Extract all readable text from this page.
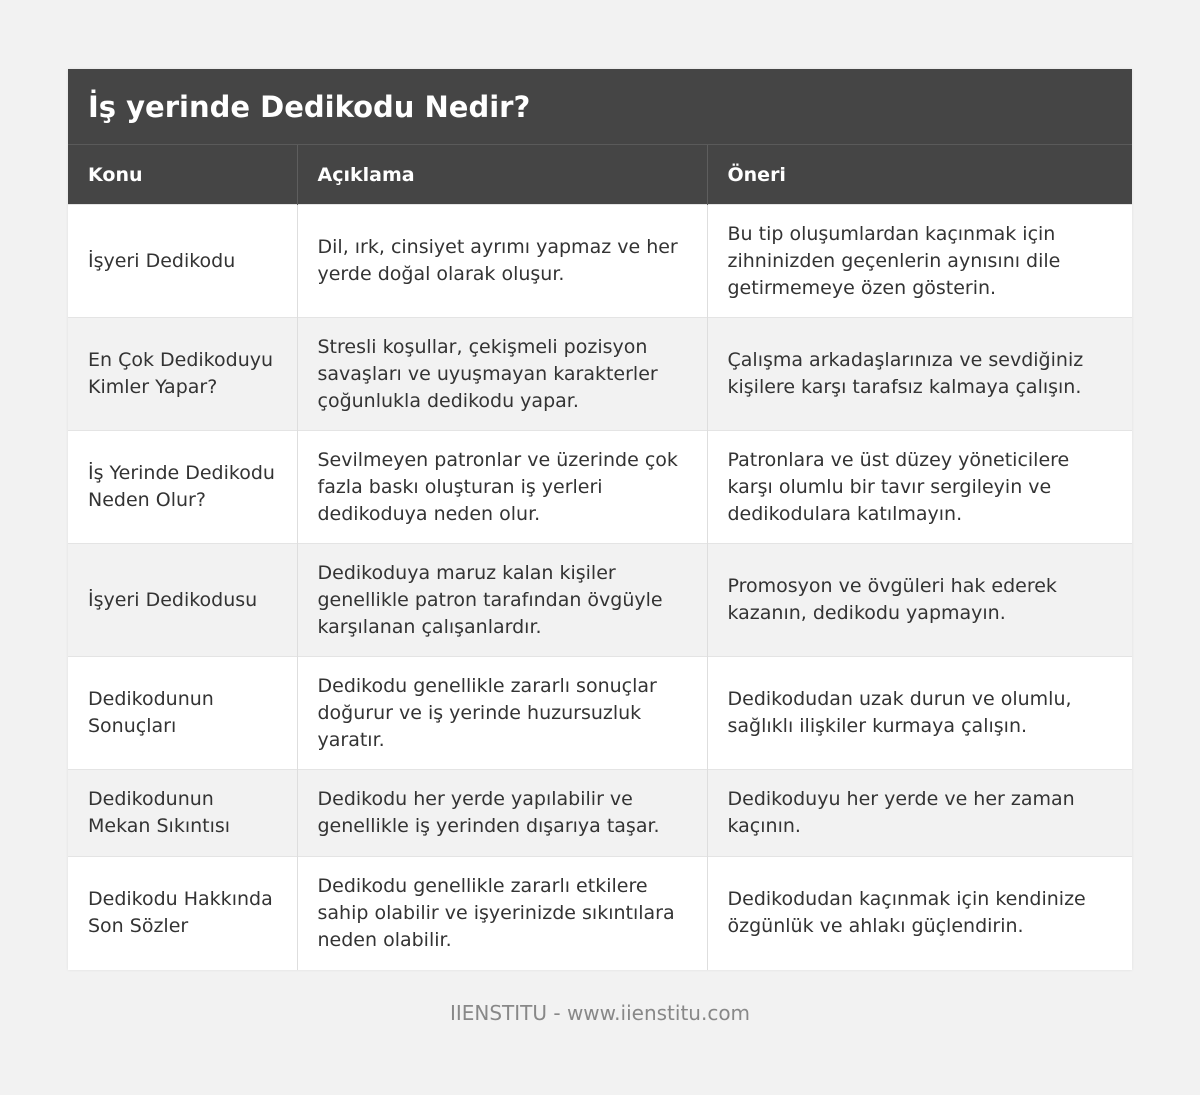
İş yerinde Dedikodu Nedir?
Konu	Açıklama	Öneri
İşyeri Dedikodu	Dil, ırk, cinsiyet ayrımı yapmaz ve her yerde doğal olarak oluşur.	Bu tip oluşumlardan kaçınmak için zihninizden geçenlerin aynısını dile getirmemeye özen gösterin.
En Çok Dedikoduyu Kimler Yapar?	Stresli koşullar, çekişmeli pozisyon savaşları ve uyuşmayan karakterler çoğunlukla dedikodu yapar.	Çalışma arkadaşlarınıza ve sevdiğiniz kişilere karşı tarafsız kalmaya çalışın.
İş Yerinde Dedikodu Neden Olur?	Sevilmeyen patronlar ve üzerinde çok fazla baskı oluşturan iş yerleri dedikoduya neden olur.	Patronlara ve üst düzey yöneticilere karşı olumlu bir tavır sergileyin ve dedikodulara katılmayın.
İşyeri Dedikodusu	Dedikoduya maruz kalan kişiler genellikle patron tarafından övgüyle karşılanan çalışanlardır.	Promosyon ve övgüleri hak ederek kazanın, dedikodu yapmayın.
Dedikodunun Sonuçları	Dedikodu genellikle zararlı sonuçlar doğurur ve iş yerinde huzursuzluk yaratır.	Dedikodudan uzak durun ve olumlu, sağlıklı ilişkiler kurmaya çalışın.
Dedikodunun Mekan Sıkıntısı	Dedikodu her yerde yapılabilir ve genellikle iş yerinden dışarıya taşar.	Dedikoduyu her yerde ve her zaman kaçının.
Dedikodu Hakkında Son Sözler	Dedikodu genellikle zararlı etkilere sahip olabilir ve işyerinizde sıkıntılara neden olabilir.	Dedikodudan kaçınmak için kendinize özgünlük ve ahlakı güçlendirin.
IIENSTITU - www.iienstitu.com
